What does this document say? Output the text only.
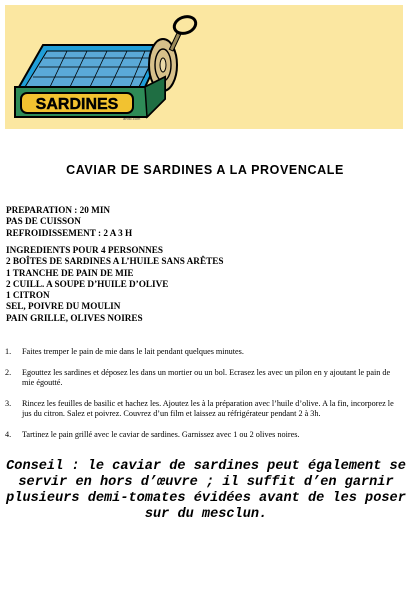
SARDINES
artist.com
CAVIAR DE SARDINES A LA PROVENCALE
PREPARATION : 20 MIN
PAS DE CUISSON
REFROIDISSEMENT : 2 A 3 H
INGREDIENTS POUR 4 PERSONNES
2 BOÎTES DE SARDINES A L’HUILE SANS ARÊTES
1 TRANCHE DE PAIN DE MIE
2 CUILL. A SOUPE D’HUILE D’OLIVE
1 CITRON
SEL, POIVRE DU MOULIN
PAIN GRILLE, OLIVES NOIRES
1. Faites tremper le pain de mie dans le lait pendant quelques minutes.
2. Egouttez les sardines et déposez les dans un mortier ou un bol. Ecrasez les avec un pilon en y ajoutant le pain de mie égoutté.
3. Rincez les feuilles de basilic et hachez les. Ajoutez les à la préparation avec l’huile d’olive. A la fin, incorporez le jus du citron. Salez et poivrez. Couvrez d’un film et laissez au réfrigérateur pendant 2 à 3h.
4. Tartinez le pain grillé avec le caviar de sardines. Garnissez avec 1 ou 2 olives noires.
Conseil : le caviar de sardines peut également se servir en hors d’œuvre ; il suffit d’en garnir plusieurs demi-tomates évidées avant de les poser sur du mesclun.
